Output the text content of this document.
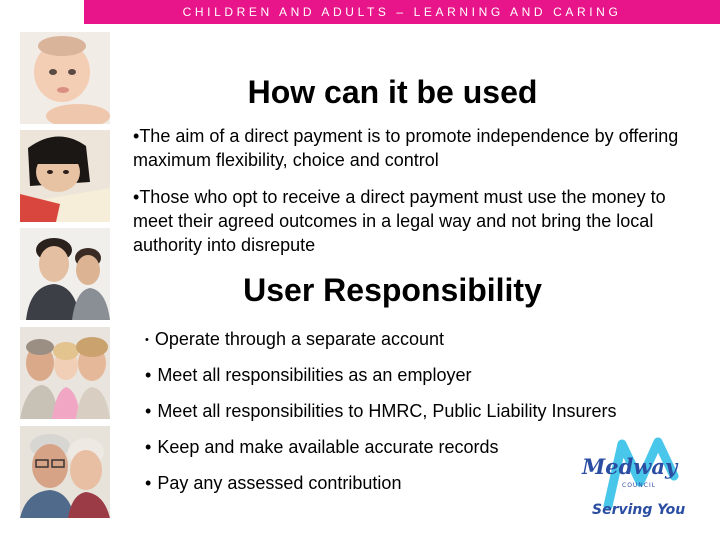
CHILDREN AND ADULTS – LEARNING AND CARING
How can it be used
•The aim of a direct payment is to promote independence by offering maximum flexibility, choice and control
•Those who opt to receive a direct payment must use the money to meet their agreed outcomes in a legal way and not bring the local authority into disrepute
User Responsibility
• Operate through a separate account
• Meet all responsibilities as an employer
• Meet all responsibilities to HMRC, Public Liability Insurers
• Keep and make available accurate records
• Pay any assessed contribution
Medway
COUNCIL
Serving You
